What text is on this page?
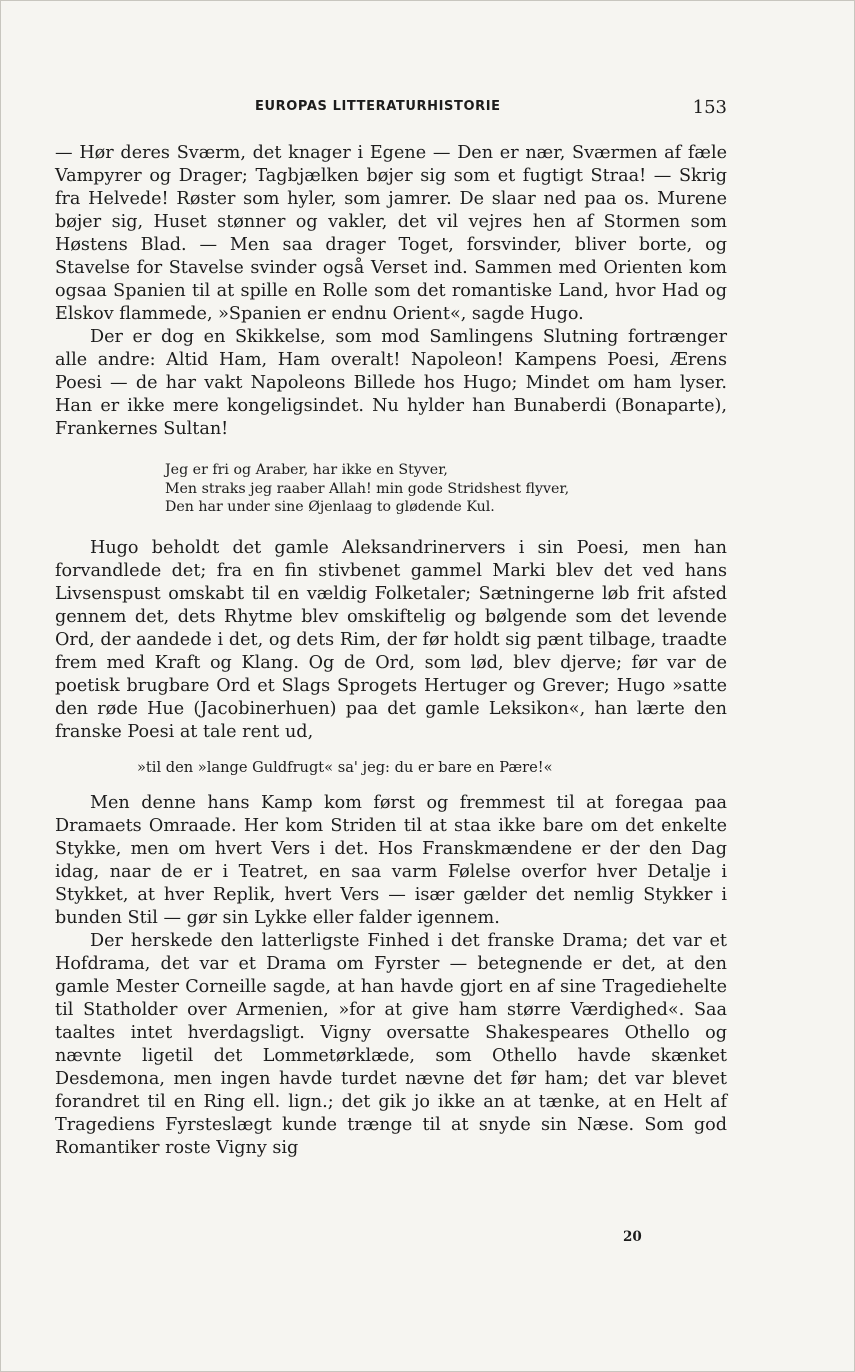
EUROPAS LITTERATURHISTORIE	153

— Hør deres Sværm, det knager i Egene — Den er nær, Sværmen af fæle Vampyrer og Drager; Tagbjælken bøjer sig som et fugtigt Straa! — Skrig fra Helvede! Røster som hyler, som jamrer. De slaar ned paa os. Murene bøjer sig, Huset stønner og vakler, det vil vejres hen af Stormen som Høstens Blad. — Men saa drager Toget, forsvinder, bliver borte, og Stavelse for Stavelse svinder også Verset ind. Sammen med Orienten kom ogsaa Spanien til at spille en Rolle som det romantiske Land, hvor Had og Elskov flammede, »Spanien er endnu Orient«, sagde Hugo.

Der er dog en Skikkelse, som mod Samlingens Slutning fortrænger alle andre: Altid Ham, Ham overalt! Napoleon! Kampens Poesi, Ærens Poesi — de har vakt Napoleons Billede hos Hugo; Mindet om ham lyser. Han er ikke mere kongeligsindet. Nu hylder han Bunaberdi (Bonaparte), Frankernes Sultan!

Jeg er fri og Araber, har ikke en Styver,
Men straks jeg raaber Allah! min gode Stridshest flyver,
Den har under sine Øjenlaag to glødende Kul.

Hugo beholdt det gamle Aleksandrinervers i sin Poesi, men han forvandlede det; fra en fin stivbenet gammel Marki blev det ved hans Livsenspust omskabt til en vældig Folketaler; Sætningerne løb frit afsted gennem det, dets Rhytme blev omskiftelig og bølgende som det levende Ord, der aandede i det, og dets Rim, der før holdt sig pænt tilbage, traadte frem med Kraft og Klang. Og de Ord, som lød, blev djerve; før var de poetisk brugbare Ord et Slags Sprogets Hertuger og Grever; Hugo »satte den røde Hue (Jacobinerhuen) paa det gamle Leksikon«, han lærte den franske Poesi at tale rent ud,

»til den »lange Guldfrugt« sa' jeg: du er bare en Pære!«

Men denne hans Kamp kom først og fremmest til at foregaa paa Dramaets Omraade. Her kom Striden til at staa ikke bare om det enkelte Stykke, men om hvert Vers i det. Hos Franskmændene er der den Dag idag, naar de er i Teatret, en saa varm Følelse overfor hver Detalje i Stykket, at hver Replik, hvert Vers — især gælder det nemlig Stykker i bunden Stil — gør sin Lykke eller falder igennem.

Der herskede den latterligste Finhed i det franske Drama; det var et Hofdrama, det var et Drama om Fyrster — betegnende er det, at den gamle Mester Corneille sagde, at han havde gjort en af sine Tragediehelte til Statholder over Armenien, »for at give ham større Værdighed«. Saa taaltes intet hverdagsligt. Vigny oversatte Shakespeares Othello og nævnte ligetil det Lommetørklæde, som Othello havde skænket Desdemona, men ingen havde turdet nævne det før ham; det var blevet forandret til en Ring ell. lign.; det gik jo ikke an at tænke, at en Helt af Tragediens Fyrsteslægt kunde trænge til at snyde sin Næse. Som god Romantiker roste Vigny sig

20
